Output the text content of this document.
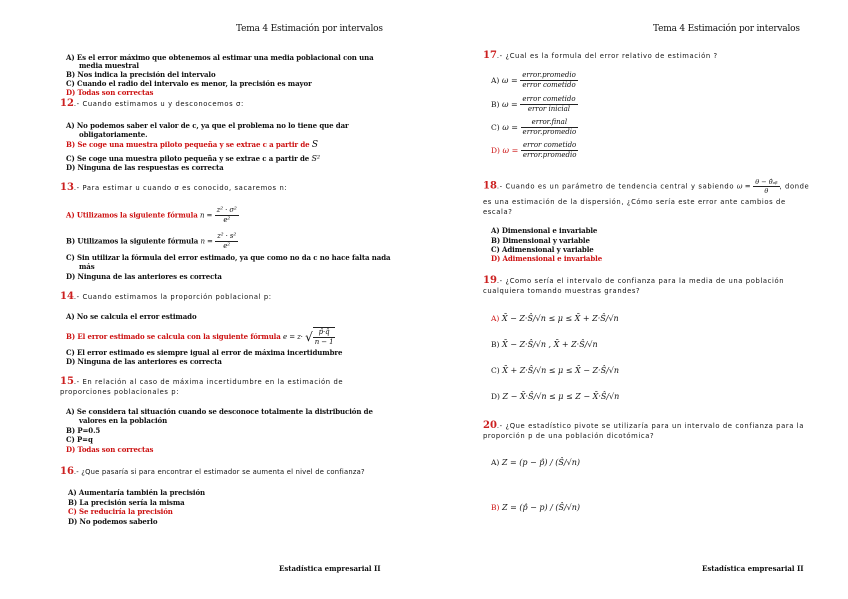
Tema 4 Estimación por intervalos
A) Es el error máximo que obtenemos al estimar una media poblacional con una
media muestral
B) Nos indica la precisión del intervalo
C) Cuando el radio del intervalo es menor, la precisión es mayor
D) Todas son correctas
12.- Cuando estimamos u y desconocemos σ:
A) No podemos saber el valor de c, ya que el problema no lo tiene que dar
obligatoriamente.
B) Se coge una muestra piloto pequeña y se extrae c a partir de S
C) Se coge una muestra piloto pequeña y se extrae c a partir de S²
D) Ninguna de las respuestas es correcta
13.- Para estimar u cuando σ es conocido, sacaremos n:
A) Utilizamos la siguiente fórmula $n = \frac{\text{z² · σ²}}{\text{e²}}$
B) Utilizamos la siguiente fórmula $n = \frac{\text{z² · s²}}{\text{e²}}$
C) Sin utilizar la fórmula del error estimado, ya que como no da c no hace falta nada
más
D) Ninguna de las anteriores es correcta
14.- Cuando estimamos la proporción poblacional p:
A) No se calcula el error estimado
B) El error estimado se calcula con la siguiente fórmula e = z· √ $\frac{p̂\cdot q̂}{n - 1}$
C) El error estimado es siempre igual al error de máxima incertidumbre
D) Ninguna de las anteriores es correcta
15.- En relación al caso de máxima incertidumbre en la estimación de
proporciones poblacionales p:
A) Se considera tal situación cuando se desconoce totalmente la distribución de
valores en la población
B) P=0.5
C) P=q
D) Todas son correctas
16.- ¿Que pasaría si para encontrar el estimador se aumenta el nivel de confianza?
A) Aumentaría también la precisión
B) La precisión sería la misma
C) Se reduciría la precisión
D) No podemos saberlo
Estadística empresarial II
Tema 4 Estimación por intervalos
17.- ¿Cual es la formula del error relativo de estimación ?
A) $\omega = \frac{\text{error.promedio}}{\text{error cometido}}$
B) $\omega = \frac{\text{error cometido}}{\text{error inicial}}$
C) $\omega = \frac{\text{error.final}}{\text{error.promedio}}$
D) $\omega = \frac{\text{error cometido}}{\text{error.promedio}}$
18.- Cuando es un parámetro de tendencia central y sabiendo $\omega = \frac{\text{θ − θ̂ₒᵦ}}{\theta}$ , donde
es una estimación de la dispersión, ¿Cómo sería este error ante cambios de
escala?
A) Dimensional e invariable
B) Dimensional y variable
C) Adimensional y variable
D) Adimensional e invariable
19.- ¿Como sería el intervalo de confianza para la media de una población
cualquiera tomando muestras grandes?
A) X̄ − Z·Ŝ/√n ≤ μ ≤ X̄ + Z·Ŝ/√n
B) X̄ − Z·Ŝ/√n , X̄ + Z·Ŝ/√n
C) X̄ + Z·Ŝ/√n ≤ μ ≤ X̄ − Z·Ŝ/√n
D) Z − X̄·Ŝ/√n ≤ μ ≤ Z − X̄·Ŝ/√n
20.- ¿Que estadístico pivote se utilizaría para un intervalo de confianza para la
proporción p de una población dicotómica?
A) Z = (p − p̂) / (Ŝ/√n)
B) Z = (p̂ − p) / (Ŝ/√n)
Estadística empresarial II
